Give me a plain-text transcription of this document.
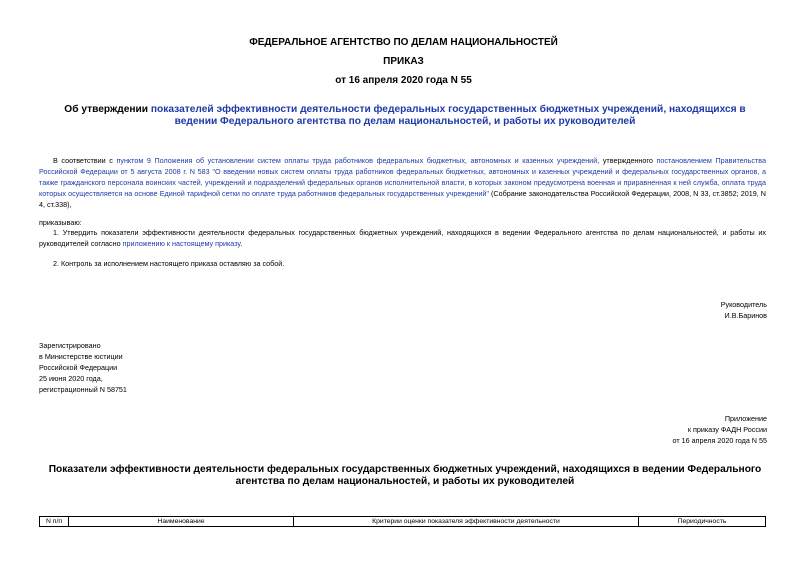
ФЕДЕРАЛЬНОЕ АГЕНТСТВО ПО ДЕЛАМ НАЦИОНАЛЬНОСТЕЙ
ПРИКАЗ
от 16 апреля 2020 года N 55
Об утверждении показателей эффективности деятельности федеральных государственных бюджетных учреждений, находящихся в ведении Федерального агентства по делам национальностей, и работы их руководителей
В соответствии с пунктом 9 Положения об установлении систем оплаты труда работников федеральных бюджетных, автономных и казенных учреждений, утвержденного постановлением Правительства Российской Федерации от 5 августа 2008 г. N 583 "О введении новых систем оплаты труда работников федеральных бюджетных, автономных и казенных учреждений и федеральных государственных органов, а также гражданского персонала воинских частей, учреждений и подразделений федеральных органов исполнительной власти, в которых законом предусмотрена военная и приравненная к ней служба, оплата труда которых осуществляется на основе Единой тарифной сетки по оплате труда работников федеральных государственных учреждений" (Собрание законодательства Российской Федерации, 2008, N 33, ст.3852; 2019, N 4, ст.338),
приказываю:
1. Утвердить показатели эффективности деятельности федеральных государственных бюджетных учреждений, находящихся в ведении Федерального агентства по делам национальностей, и работы их руководителей согласно приложению к настоящему приказу.
2. Контроль за исполнением настоящего приказа оставляю за собой.
Руководитель
И.В.Баринов
Зарегистрировано
в Министерстве юстиции
Российской Федерации
25 июня 2020 года,
регистрационный N 58751
Приложение
к приказу ФАДН России
от 16 апреля 2020 года N 55
Показатели эффективности деятельности федеральных государственных бюджетных учреждений, находящихся в ведении Федерального агентства по делам национальностей, и работы их руководителей
N п/п	Наименование	Критерии оценки показателя эффективности деятельности	Периодичность
